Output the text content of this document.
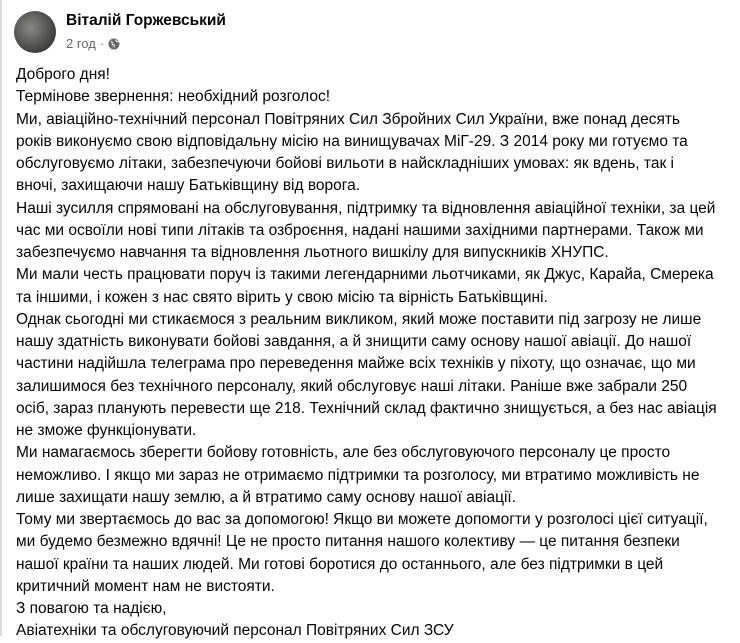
Віталій Горжевський
2 год ·
Доброго дня!
Термінове звернення: необхідний розголос!
Ми, авіаційно-технічний персонал Повітряних Сил Збройних Сил України, вже понад десять
років виконуємо свою відповідальну місію на винищувачах МіГ-29. З 2014 року ми готуємо та
обслуговуємо літаки, забезпечуючи бойові вильоти в найскладніших умовах: як вдень, так і
вночі, захищаючи нашу Батьківщину від ворога.
Наші зусилля спрямовані на обслуговування, підтримку та відновлення авіаційної техніки, за цей
час ми освоїли нові типи літаків та озброєння, надані нашими західними партнерами. Також ми
забезпечуємо навчання та відновлення льотного вишкілу для випускників ХНУПС.
Ми мали честь працювати поруч із такими легендарними льотчиками, як Джус, Карайа, Смерека
та іншими, і кожен з нас свято вірить у свою місію та вірність Батьківщині.
Однак сьогодні ми стикаємося з реальним викликом, який може поставити під загрозу не лише
нашу здатність виконувати бойові завдання, а й знищити саму основу нашої авіації. До нашої
частини надійшла телеграма про переведення майже всіх техніків у піхоту, що означає, що ми
залишимося без технічного персоналу, який обслуговує наші літаки. Раніше вже забрали 250
осіб, зараз планують перевести ще 218. Технічний склад фактично знищується, а без нас авіація
не зможе функціонувати.
Ми намагаємось зберегти бойову готовність, але без обслуговуючого персоналу це просто
неможливо. І якщо ми зараз не отримаємо підтримки та розголосу, ми втратимо можливість не
лише захищати нашу землю, а й втратимо саму основу нашої авіації.
Тому ми звертаємось до вас за допомогою! Якщо ви можете допомогти у розголосі цієї ситуації,
ми будемо безмежно вдячні! Це не просто питання нашого колективу — це питання безпеки
нашої країни та наших людей. Ми готові боротися до останнього, але без підтримки в цей
критичний момент нам не вистояти.
З повагою та надією,
Авіатехніки та обслуговуючий персонал Повітряних Сил ЗСУ
